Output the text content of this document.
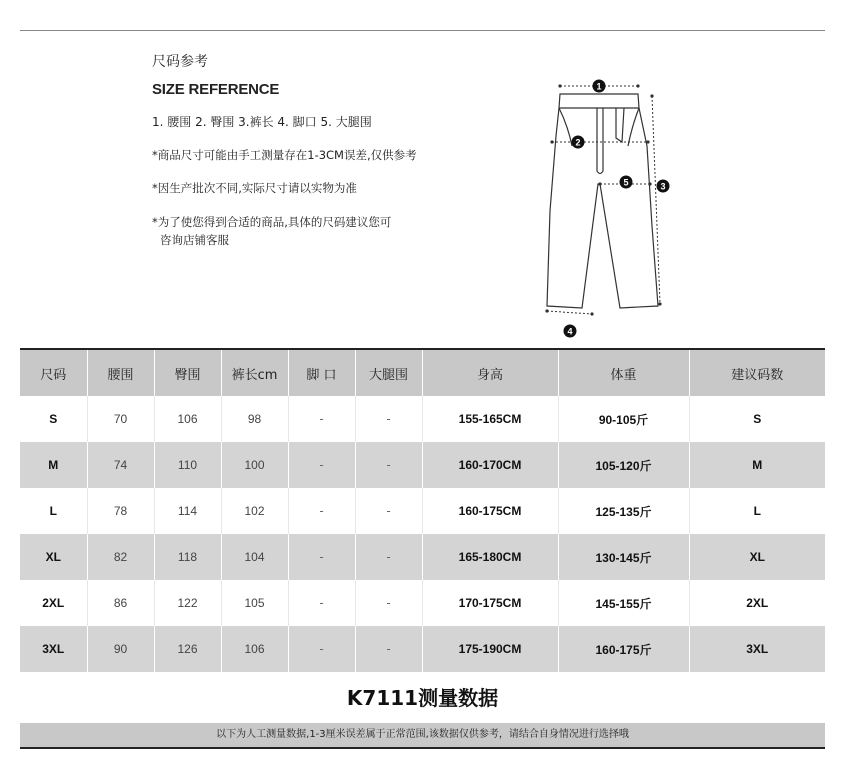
尺码参考
SIZE REFERENCE
1. 腰围 2. 臀围 3.裤长 4. 脚口 5. 大腿围
*商品尺寸可能由手工测量存在1-3CM误差,仅供参考
*因生产批次不同,实际尺寸请以实物为准
*为了使您得到合适的商品,具体的尺码建议您可
咨询店铺客服
1
2
3
4
5
尺码	腰围	臀围	裤长cm	脚 口	大腿围	身高	体重	建议码数
S	70	106	98	-	-	155-165CM	90-105斤	S
M	74	110	100	-	-	160-170CM	105-120斤	M
L	78	114	102	-	-	160-175CM	125-135斤	L
XL	82	118	104	-	-	165-180CM	130-145斤	XL
2XL	86	122	105	-	-	170-175CM	145-155斤	2XL
3XL	90	126	106	-	-	175-190CM	160-175斤	3XL
K7111测量数据
以下为人工测量数据,1-3厘米误差属于正常范围,该数据仅供参考，请结合自身情况进行选择哦
